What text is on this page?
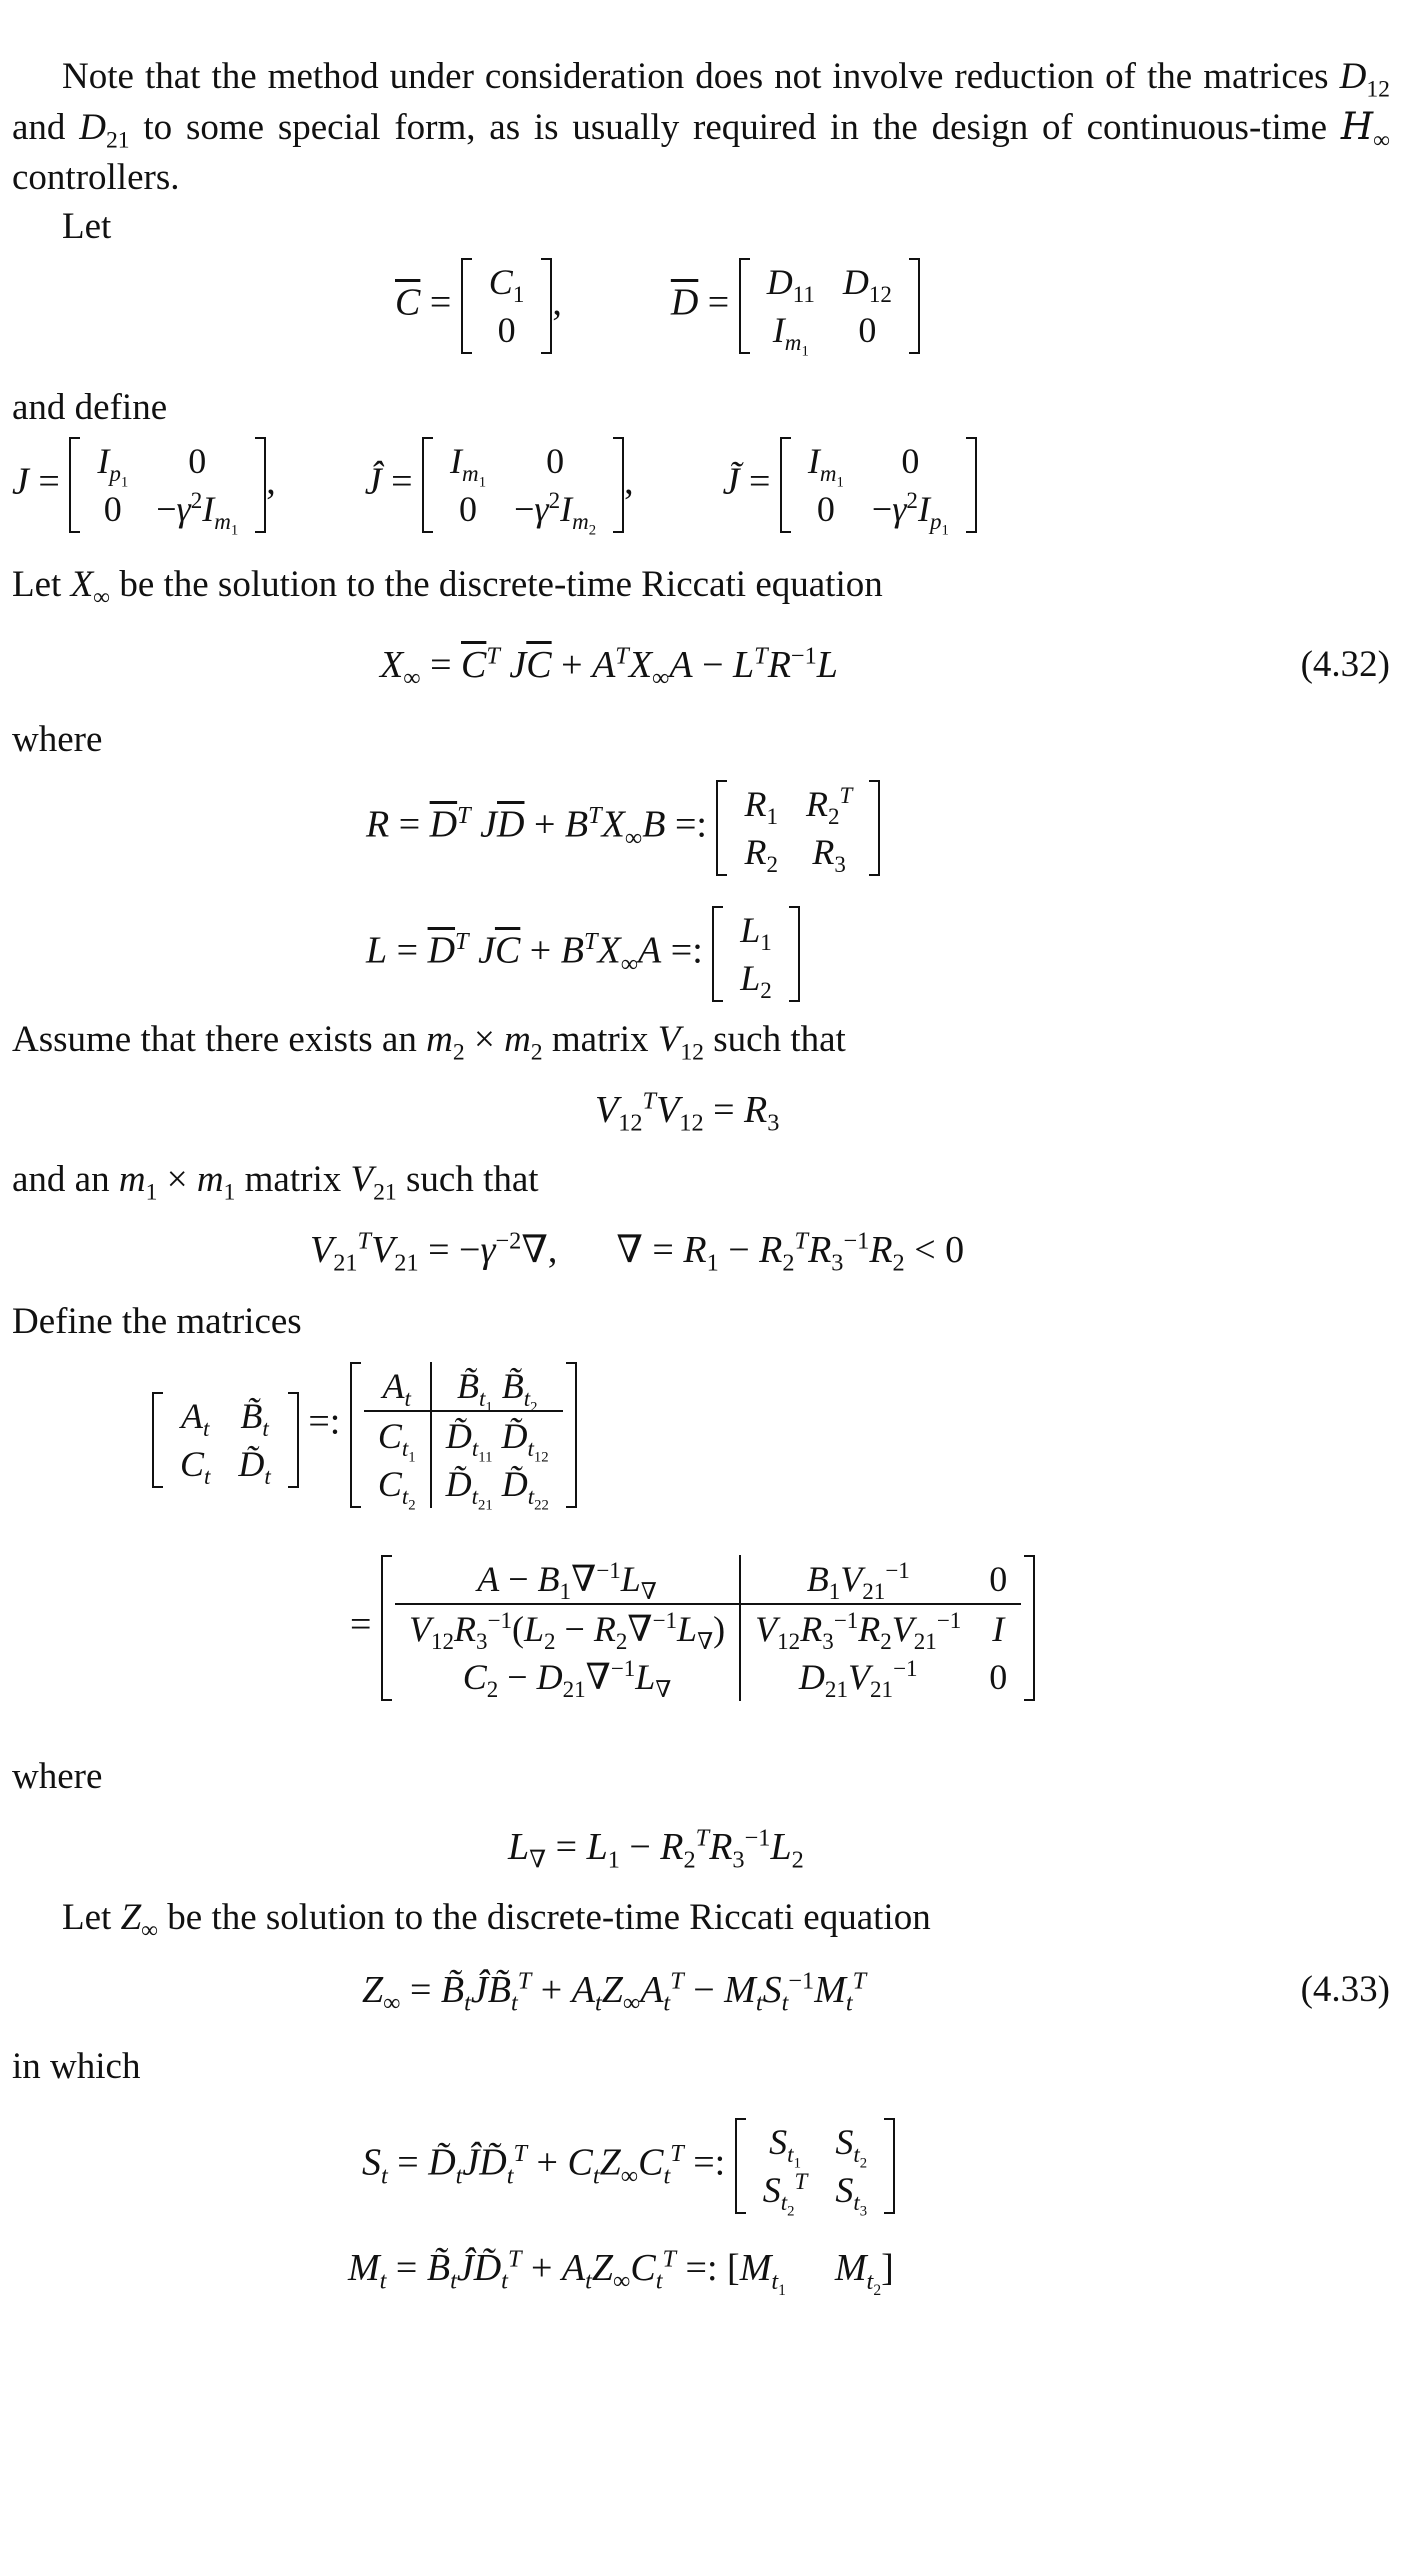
Note that the method under consideration does not involve reduction of the matrices $D_{12}$ and $D_{21}$ to some special form, as is usually required in the design of continuous-time $H_\infty$ controllers.
Let
$\overline{C} = C_1$
0
,	$\overline{D} = D_{11}$	$D_{12}$
$I_{m_1}$	0
and define
$J = I_{p_1}$	0
0	$-\gamma^2I_{m_1}$
,  Ĵ = $I_{m_1}$	0
0	$-\gamma^2I_{m_2}$
,  J̃ = $I_{m_1}$	0
0	$-\gamma^2I_{p_1}$
Let $X_\infty$ be the solution to the discrete-time Riccati equation
$X_\infty = \overline{C}^T$ $J\overline{C} + A^TX_\infty A - L^TR^{-1}L$	(4.32)
where
$R = \overline{D}^T$ $J\overline{D} + B^TX_\infty B$ =: $R_1$	$R_2^T$
$R_2$	$R_3$
$L = \overline{D}^T$ $J\overline{C} + B^TX_\infty A$ =: $L_1$
$L_2$
Assume that there exists an $m_2 \times m_2$ matrix $V_{12}$ such that
$V_{12}^TV_{12} = R_3$
and an $m_1 \times m_1$ matrix $V_{21}$ such that
$V_{21}^TV_{21} = -\gamma^{-2}\nabla$,  ∇ = $R_1 - R_2^TR_3^{-1}R_2 < 0$
Define the matrices
$A_t$	$B̃_t$
$C_t$	$D̃_t$
=:
$A_t$	$B̃_{t_1}$ $B̃_{t_2}$
$C_{t_1}$	$D̃_{t_{11}}$ $D̃_{t_{12}}$
$C_{t_2}$	$D̃_{t_{21}}$ $D̃_{t_{22}}$
=
$A - B_1\nabla^{-1}L_\nabla$	$B_1V_{21}^{-1}$	0
$V_{12}R_3^{-1}(L_2 - R_2\nabla^{-1}L_\nabla)$	$V_{12}R_3^{-1}R_2V_{21}^{-1}$	I
$C_2 - D_{21}\nabla^{-1}L_\nabla$	$D_{21}V_{21}^{-1}$	0
where
$L_\nabla = L_1 - R_2^TR_3^{-1}L_2$
Let $Z_\infty$ be the solution to the discrete-time Riccati equation
$Z_\infty$ = $B̃_tĴB̃_t^T + A_tZ_\infty A_t^T - M_tS_t^{-1}M_t^T$	(4.33)
in which
$S_t$ = $D̃_tĴD̃_t^T + C_tZ_\infty C_t^T$ =: $S_{t_1}$	$S_{t_2}$
$S_{t_2}^T$	$S_{t_3}$
$M_t$ = $B̃_tĴD̃_t^T + A_tZ_\infty C_t^T$ =: [$M_{t_1}$  $M_{t_2}$]
